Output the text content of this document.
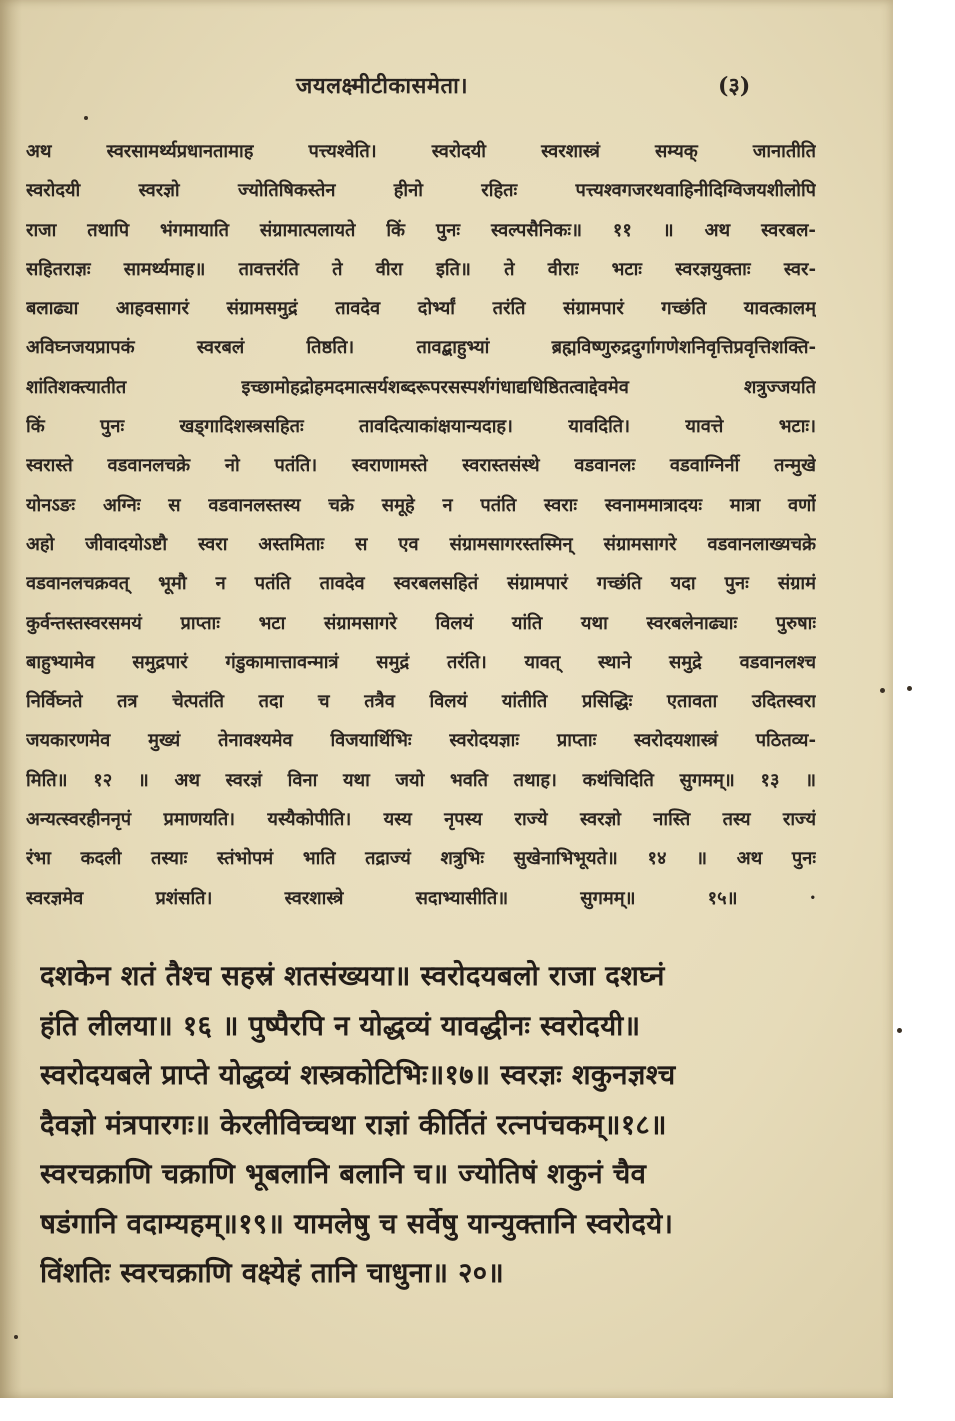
जयलक्ष्मीटीकासमेता।	(३)
अथ स्वरसामर्थ्यप्रधानतामाह पत्त्यश्वेति। स्वरोदयी स्वरशास्त्रं सम्यक् जानातीति
स्वरोदयी स्वरज्ञो ज्योतिषिकस्तेन हीनो रहितः पत्त्यश्वगजरथवाहिनीदिग्विजयशीलोपि
राजा तथापि भंगमायाति संग्रामात्पलायते किं पुनः स्वल्पसैनिकः॥ ११ ॥ अथ स्वरबल-
सहितराज्ञः सामर्थ्यमाह॥ तावत्तरंति ते वीरा इति॥ ते वीराः भटाः स्वरज्ञयुक्ताः स्वर-
बलाढ्या आहवसागरं संग्रामसमुद्रं तावदेव दोर्भ्यां तरंति संग्रामपारं गच्छंति यावत्कालम्
अविघ्नजयप्रापकं स्वरबलं तिष्ठति। तावद्बाहुभ्यां ब्रह्मविष्णुरुद्रदुर्गागणेशनिवृत्तिप्रवृत्तिशक्ति-
शांतिशक्त्यातीत इच्छामोहद्रोहमदमात्सर्यशब्दरूपरसस्पर्शगंधाद्यधिष्ठितत्वाद्देवमेव शत्रुज्जयति
किं पुनः खड्गादिशस्त्रसहितः तावदित्याकांक्षयान्यदाह। यावदिति। यावत्ते भटाः।
स्वरास्ते वडवानलचक्रे नो पतंति। स्वराणामस्ते स्वरास्तसंस्थे वडवानलः वडवाग्निर्नी तन्मुखे
योनऽङः अग्निः स वडवानलस्तस्य चक्रे समूहे न पतंति स्वराः स्वनाममात्रादयः मात्रा वर्णो
अहो जीवादयोऽष्टौ स्वरा अस्तमिताः स एव संग्रामसागरस्तस्मिन् संग्रामसागरे वडवानलाख्यचक्रे
वडवानलचक्रवत् भूमौ न पतंति तावदेव स्वरबलसहितं संग्रामपारं गच्छंति यदा पुनः संग्रामं
कुर्वन्तस्तस्वरसमयं प्राप्ताः भटा संग्रामसागरे विलयं यांति यथा स्वरबलेनाढ्याः पुरुषाः
बाहुभ्यामेव समुद्रपारं गंडुकामात्तावन्मात्रं समुद्रं तरंति। यावत् स्थाने समुद्रे वडवानलश्च
निर्विघ्नते तत्र चेत्पतंति तदा च तत्रैव विलयं यांतीति प्रसिद्धिः एतावता उदितस्वरा
जयकारणमेव मुख्यं तेनावश्यमेव विजयार्थिभिः स्वरोदयज्ञाः प्राप्ताः स्वरोदयशास्त्रं पठितव्य-
मिति॥ १२ ॥ अथ स्वरज्ञं विना यथा जयो भवति तथाह। कथंचिदिति सुगमम्॥ १३ ॥
अन्यत्स्वरहीननृपं प्रमाणयति। यस्यैकोपीति। यस्य नृपस्य राज्ये स्वरज्ञो नास्ति तस्य राज्यं
रंभा कदली तस्याः स्तंभोपमं भाति तद्राज्यं शत्रुभिः सुखेनाभिभूयते॥ १४ ॥ अथ पुनः
स्वरज्ञमेव प्रशंसति। स्वरशास्त्रे सदाभ्यासीति॥ सुगमम्॥ १५॥ ·
दशकेन शतं तैश्च सहस्रं शतसंख्यया॥ स्वरोदयबलो राजा दशघ्नं
हंति लीलया॥ १६ ॥ पुष्पैरपि न योद्धव्यं यावद्धीनः स्वरोदयी॥
स्वरोदयबले प्राप्ते योद्धव्यं शस्त्रकोटिभिः॥१७॥ स्वरज्ञः शकुनज्ञश्च
दैवज्ञो मंत्रपारगः॥ केरलीविच्चथा राज्ञां कीर्तितं रत्नपंचकम्॥१८॥
स्वरचक्राणि चक्राणि भूबलानि बलानि च॥ ज्योतिषं शकुनं चैव
षडंगानि वदाम्यहम्॥१९॥ यामलेषु च सर्वेषु यान्युक्तानि स्वरोदये।
विंशतिः स्वरचक्राणि वक्ष्येहं तानि चाधुना॥ २०॥
